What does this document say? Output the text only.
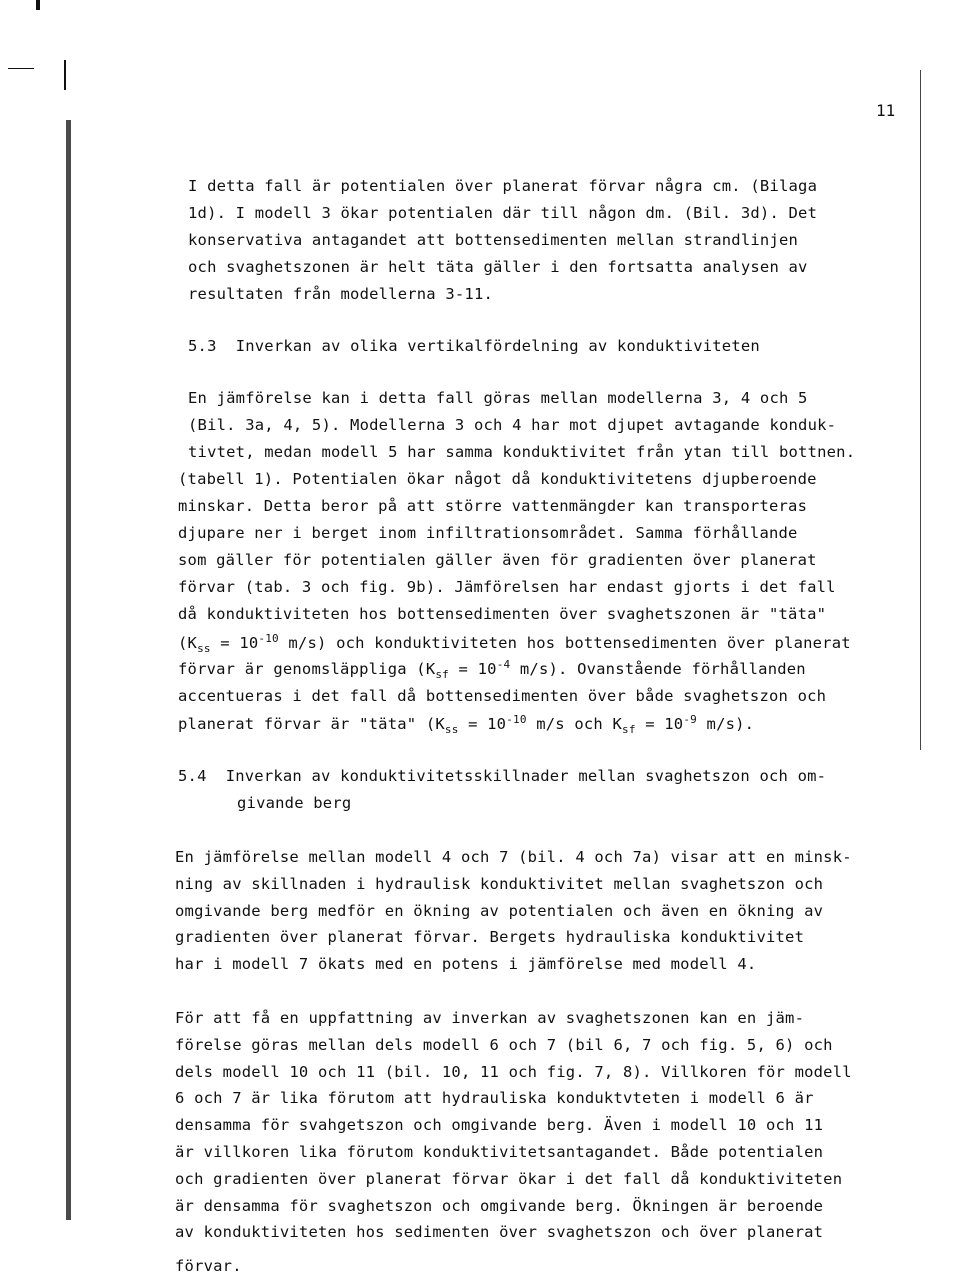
11
I detta fall är potentialen över planerat förvar några cm. (Bilaga
1d). I modell 3 ökar potentialen där till någon dm. (Bil. 3d). Det
konservativa antagandet att bottensedimenten mellan strandlinjen
och svaghetszonen är helt täta gäller i den fortsatta analysen av
resultaten från modellerna 3-11.
5.3 Inverkan av olika vertikalfördelning av konduktiviteten
En jämförelse kan i detta fall göras mellan modellerna 3, 4 och 5
(Bil. 3a, 4, 5). Modellerna 3 och 4 har mot djupet avtagande konduk-
tivtet, medan modell 5 har samma konduktivitet från ytan till bottnen.
(tabell 1). Potentialen ökar något då konduktivitetens djupberoende
minskar. Detta beror på att större vattenmängder kan transporteras
djupare ner i berget inom infiltrationsområdet. Samma förhållande
som gäller för potentialen gäller även för gradienten över planerat
förvar (tab. 3 och fig. 9b). Jämförelsen har endast gjorts i det fall
då konduktiviteten hos bottensedimenten över svaghetszonen är "täta"
($K_{ss} = 10^{-10}$ m/s) och konduktiviteten hos bottensedimenten över planerat
förvar är genomsläppliga ($K_{sf} = 10^{-4}$ m/s). Ovanstående förhållanden
accentueras i det fall då bottensedimenten över både svaghetszon och
planerat förvar är "täta" ($K_{ss} = 10^{-10}$ m/s och $K_{sf} = 10^{-9}$ m/s).
5.4 Inverkan av konduktivitetsskillnader mellan svaghetszon och om-
givande berg
En jämförelse mellan modell 4 och 7 (bil. 4 och 7a) visar att en minsk-
ning av skillnaden i hydraulisk konduktivitet mellan svaghetszon och
omgivande berg medför en ökning av potentialen och även en ökning av
gradienten över planerat förvar. Bergets hydrauliska konduktivitet
har i modell 7 ökats med en potens i jämförelse med modell 4.
För att få en uppfattning av inverkan av svaghetszonen kan en jäm-
förelse göras mellan dels modell 6 och 7 (bil 6, 7 och fig. 5, 6) och
dels modell 10 och 11 (bil. 10, 11 och fig. 7, 8). Villkoren för modell
6 och 7 är lika förutom att hydrauliska konduktvteten i modell 6 är
densamma för svahgetszon och omgivande berg. Även i modell 10 och 11
är villkoren lika förutom konduktivitetsantagandet. Både potentialen
och gradienten över planerat förvar ökar i det fall då konduktiviteten
är densamma för svaghetszon och omgivande berg. Ökningen är beroende
av konduktiviteten hos sedimenten över svaghetszon och över planerat
förvar.
